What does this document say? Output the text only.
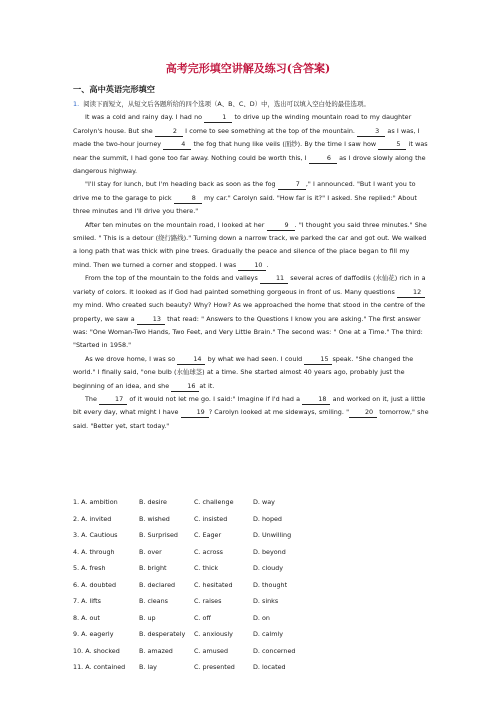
高考完形填空讲解及练习(含答案)
一、高中英语完形填空

1. 阅读下面短文，从短文后各题所给的四个选项（A、B、C、D）中，选出可以填入空白处的最佳选项。

It was a cold and rainy day. I had no	1 to drive up the winding mountain road to my daughter Carolyn's house. But she	2 I come to see something at the top of the mountain.	3 as I was, I made the two-hour journey	4 the fog that hung like veils (面纱). By the time I saw how	5 it was near the summit, I had gone too far away. Nothing could be worth this, I	6 as I drove slowly along the dangerous highway.

"I'll stay for lunch, but I'm heading back as soon as the fog	7 ," I announced. "But I want you to drive me to the garage to pick	8 my car." Carolyn said. "How far is it?" I asked. She replied:" About three minutes and I'll drive you there."

After ten minutes on the mountain road, I looked at her	9 . "I thought you said three minutes." She smiled. " This is a detour (绕行路线)." Turning down a narrow track, we parked the car and got out. We walked a long path that was thick with pine trees. Gradually the peace and silence of the place began to fill my mind. Then we turned a corner and stopped. I was 10 .

From the top of the mountain to the folds and valleys 11 several acres of daffodils (水仙花) rich in a variety of colors. It looked as if God had painted something gorgeous in front of us. Many questions 12 my mind. Who created such beauty? Why? How? As we approached the home that stood in the centre of the property, we saw a 13 that read: " Answers to the Questions I know you are asking." The first answer was: "One Woman-Two Hands, Two Feet, and Very Little Brain." The second was: " One at a Time." The third: "Started in 1958."

As we drove home, I was so 14 by what we had seen. I could 15 speak. "She changed the world." I finally said, "one bulb (水仙球茎) at a time. She started almost 40 years ago, probably just the beginning of an idea, and she 16 at it.

The 17 of it would not let me go. I said:" Imagine if I'd had a 18 and worked on it, just a little bit every day, what might I have 19 ? Carolyn looked at me sideways, smiling. " 20 tomorrow," she said. "Better yet, start today."

1. A. ambition	B. desire	C. challenge	D. way
2. A. invited	B. wished	C. insisted	D. hoped
3. A. Cautious	B. Surprised	C. Eager	D. Unwilling
4. A. through	B. over	C. across	D. beyond
5. A. fresh	B. bright	C. thick	D. cloudy
6. A. doubted	B. declared	C. hesitated	D. thought
7. A. lifts	B. cleans	C. raises	D. sinks
8. A. out	B. up	C. off	D. on
9. A. eagerly	B. desperately C. anxiously	D. calmly
10. A. shocked	B. amazed	C. amused	D. concerned
11. A. contained B. lay	C. presented	D. located
